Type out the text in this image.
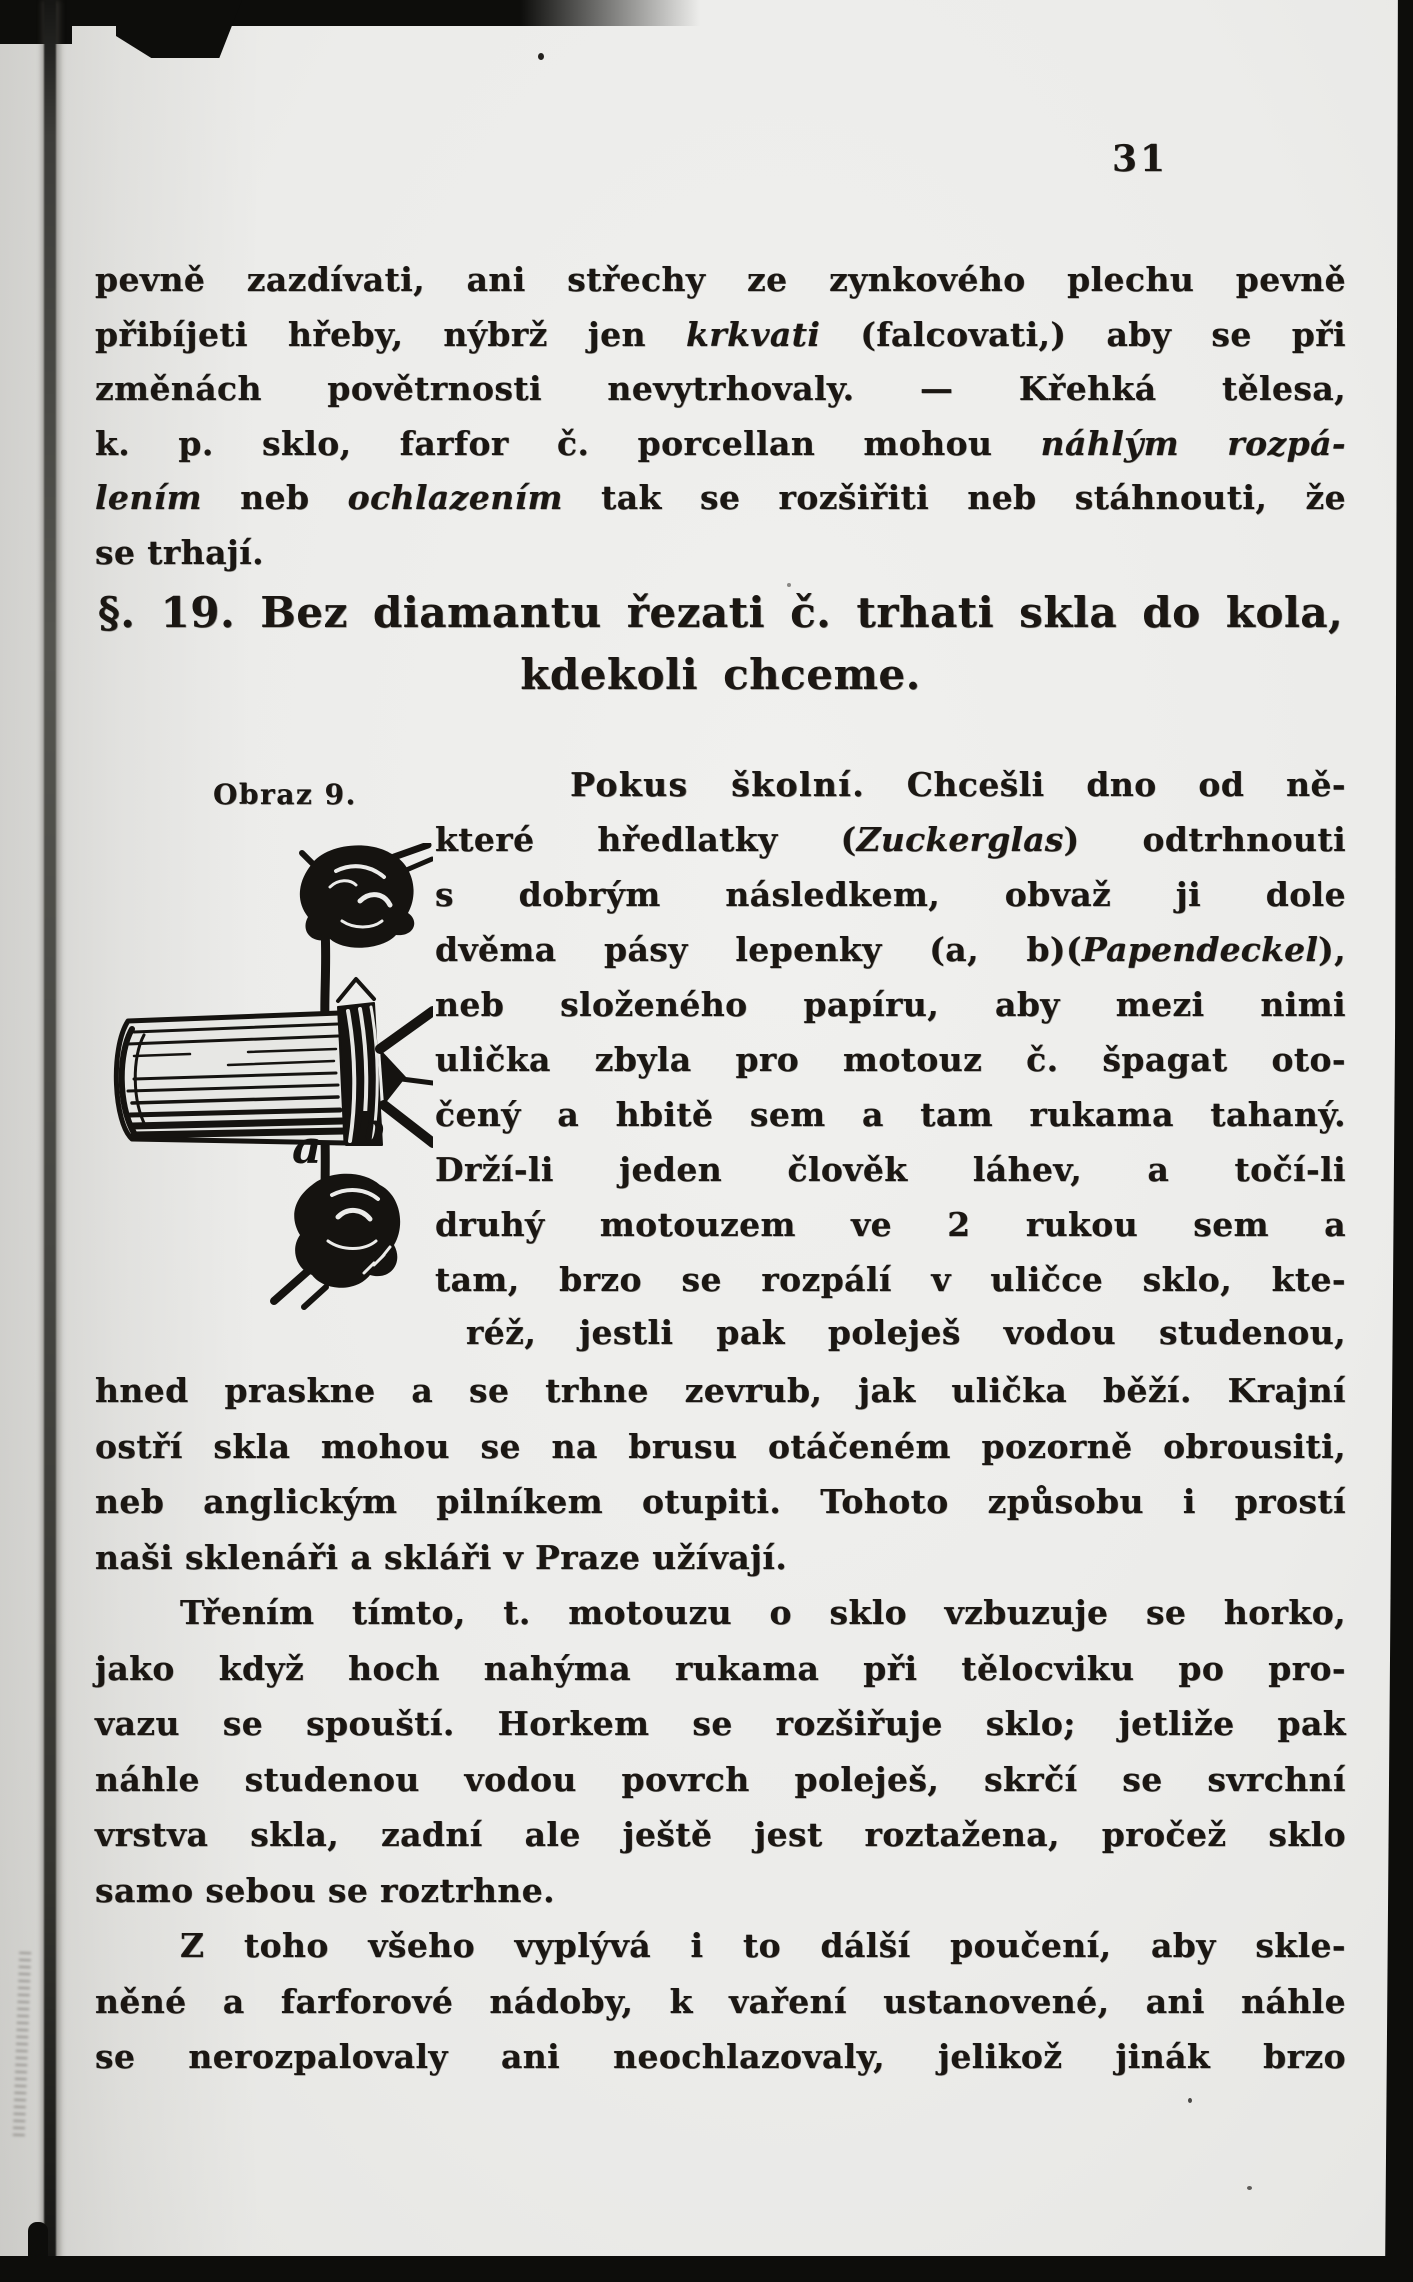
31
pevně zazdívati, ani střechy ze zynkového plechu pevně
přibíjeti hřeby, nýbrž jen krkvati (falcovati,) aby se při
změnách povětrnosti nevytrhovaly. — Křehká tělesa,
k. p. sklo, farfor č. porcellan mohou náhlým rozpá-
lením neb ochlazením tak se rozšiřiti neb stáhnouti, že
se trhají.
§. 19. Bez diamantu řezati č. trhati skla do kola,
kdekoli chceme.
Obraz 9.
a b
Pokus školní. Chcešli dno od ně-
které hředlatky (Zuckerglas) odtrhnouti
s dobrým následkem, obvaž ji dole
dvěma pásy lepenky (a, b)(Papendeckel),
neb složeného papíru, aby mezi nimi
ulička zbyla pro motouz č. špagat oto-
čený a hbitě sem a tam rukama tahaný.
Drží-li jeden člověk láhev, a točí-li
druhý motouzem ve 2 rukou sem a
tam, brzo se rozpálí v uličce sklo, kte-
réž, jestli pak poleješ vodou studenou,
hned praskne a se trhne zevrub, jak ulička běží. Krajní
ostří skla mohou se na brusu otáčeném pozorně obrousiti,
neb anglickým pilníkem otupiti. Tohoto způsobu i prostí
naši sklenáři a skláři v Praze užívají.
Třením tímto, t. motouzu o sklo vzbuzuje se horko,
jako když hoch nahýma rukama při tělocviku po pro-
vazu se spouští. Horkem se rozšiřuje sklo; jetliže pak
náhle studenou vodou povrch poleješ, skrčí se svrchní
vrstva skla, zadní ale ještě jest roztažena, pročež sklo
samo sebou se roztrhne.
Z toho všeho vyplývá i to dálší poučení, aby skle-
něné a farforové nádoby, k vaření ustanovené, ani náhle
se nerozpalovaly ani neochlazovaly, jelikož jinák brzo
